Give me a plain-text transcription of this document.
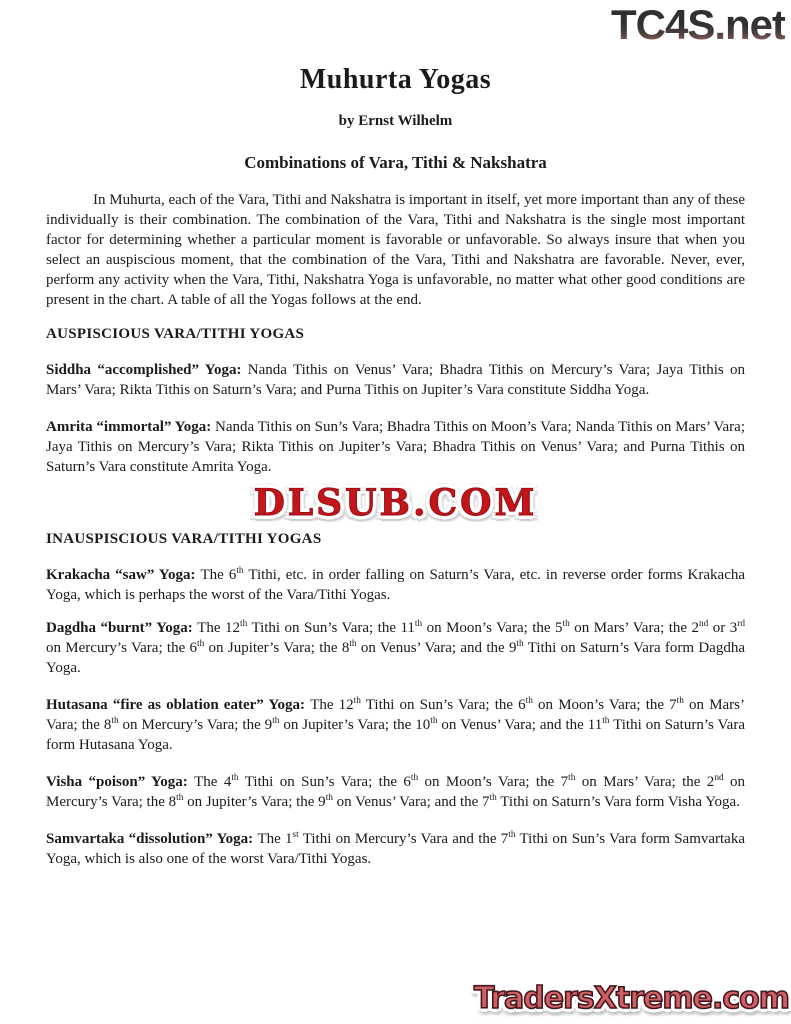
TC4S.net
Muhurta Yogas
by Ernst Wilhelm
Combinations of Vara, Tithi & Nakshatra

In Muhurta, each of the Vara, Tithi and Nakshatra is important in itself, yet more important than any of these individually is their combination. The combination of the Vara, Tithi and Nakshatra is the single most important factor for determining whether a particular moment is favorable or unfavorable. So always insure that when you select an auspiscious moment, that the combination of the Vara, Tithi and Nakshatra are favorable. Never, ever, perform any activity when the Vara, Tithi, Nakshatra Yoga is unfavorable, no matter what other good conditions are present in the chart. A table of all the Yogas follows at the end.

AUSPISCIOUS VARA/TITHI YOGAS

Siddha “accomplished” Yoga: Nanda Tithis on Venus’ Vara; Bhadra Tithis on Mercury’s Vara; Jaya Tithis on Mars’ Vara; Rikta Tithis on Saturn’s Vara; and Purna Tithis on Jupiter’s Vara constitute Siddha Yoga.

Amrita “immortal” Yoga: Nanda Tithis on Sun’s Vara; Bhadra Tithis on Moon’s Vara; Nanda Tithis on Mars’ Vara; Jaya Tithis on Mercury’s Vara; Rikta Tithis on Jupiter’s Vara; Bhadra Tithis on Venus’ Vara; and Purna Tithis on Saturn’s Vara constitute Amrita Yoga.

DLSUB.COM
INAUSPISCIOUS VARA/TITHI YOGAS

Krakacha “saw” Yoga: The 6th Tithi, etc. in order falling on Saturn’s Vara, etc. in reverse order forms Krakacha Yoga, which is perhaps the worst of the Vara/Tithi Yogas.

Dagdha “burnt” Yoga: The 12th Tithi on Sun’s Vara; the 11th on Moon’s Vara; the 5th on Mars’ Vara; the 2nd or 3rd on Mercury’s Vara; the 6th on Jupiter’s Vara; the 8th on Venus’ Vara; and the 9th Tithi on Saturn’s Vara form Dagdha Yoga.

Hutasana “fire as oblation eater” Yoga: The 12th Tithi on Sun’s Vara; the 6th on Moon’s Vara; the 7th on Mars’ Vara; the 8th on Mercury’s Vara; the 9th on Jupiter’s Vara; the 10th on Venus’ Vara; and the 11th Tithi on Saturn’s Vara form Hutasana Yoga.

Visha “poison” Yoga: The 4th Tithi on Sun’s Vara; the 6th on Moon’s Vara; the 7th on Mars’ Vara; the 2nd on Mercury’s Vara; the 8th on Jupiter’s Vara; the 9th on Venus’ Vara; and the 7th Tithi on Saturn’s Vara form Visha Yoga.

Samvartaka “dissolution” Yoga: The 1st Tithi on Mercury’s Vara and the 7th Tithi on Sun’s Vara form Samvartaka Yoga, which is also one of the worst Vara/Tithi Yogas.

TradersXtreme.com
